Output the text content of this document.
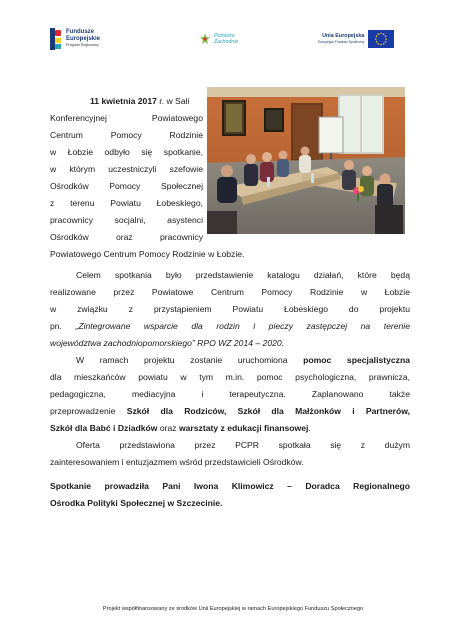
Fundusze
Europejskie
Program Regionalny
Pomorze
Zachodnie
Unia Europejska
Europejski Fundusz Społeczny

11 kwietnia 2017 r. w Sali

Konferencyjnej Powiatowego
Centrum Pomocy Rodzinie
w Łobzie odbyło się spotkanie,
w którym uczestniczyli szefowie
Ośrodków Pomocy Społecznej
z terenu Powiatu Łobeskiego,
pracownicy socjalni, asystenci
Ośrodków oraz pracownicy

Powiatowego Centrum Pomocy Rodzinie w Łobzie.

Celem spotkania było przedstawienie katalogu działań, które będą
realizowane przez Powiatowe Centrum Pomocy Rodzinie w Łobzie
w związku z przystąpieniem Powiatu Łobeskiego do projektu
pn. „Zintegrowane wsparcie dla rodzin i pieczy zastępczej na terenie
województwa zachodniopomorskiego” RPO WZ 2014 – 2020.
W ramach projektu zostanie uruchomiona pomoc specjalistyczna
dla mieszkańców powiatu w tym m.in. pomoc psychologiczna, prawnicza,
pedagogiczna, mediacyjna i terapeutyczna. Zaplanowano także
przeprowadzenie Szkół dla Rodziców, Szkół dla Małżonków i Partnerów,
Szkół dla Babć i Dziadków oraz warsztaty z edukacji finansowej.
Oferta przedstawiona przez PCPR spotkała się z dużym
zainteresowaniem i entuzjazmem wśród przedstawicieli Ośrodków.
Spotkanie prowadziła Pani Iwona Klimowicz – Doradca Regionalnego
Ośrodka Polityki Społecznej w Szczecinie.
Projekt współfinansowany ze środków Unii Europejskiej w ramach Europejskiego Funduszu Społecznego
